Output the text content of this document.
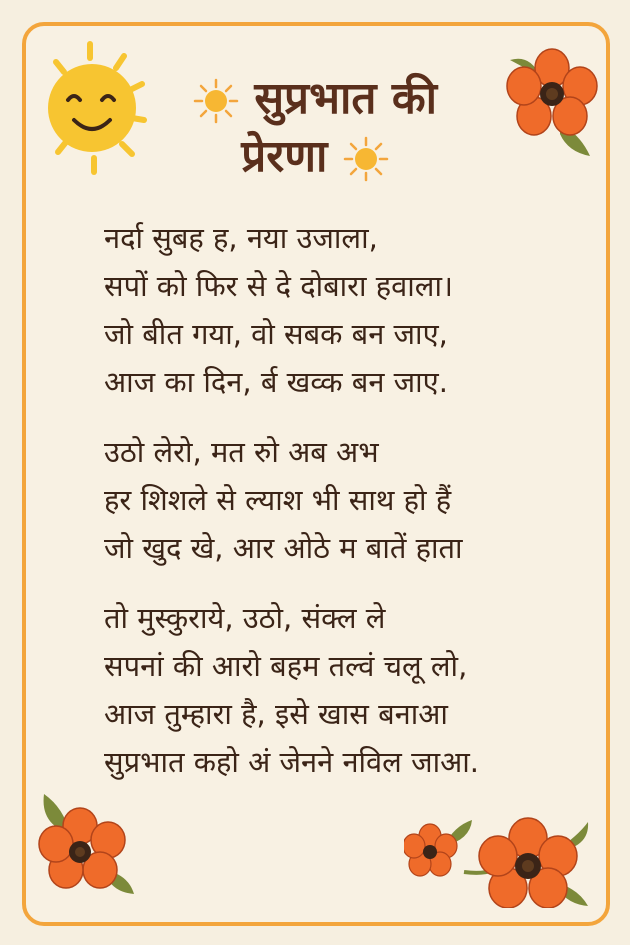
सुप्रभात की
प्रेरणा
नर्दा सुबह ह, नया उजाला,
सपों को फिर से दे दोबारा हवाला।
जो बीत गया, वो सबक बन जाए,
आज का दिन, र्ब खव्क बन जाए.
उठो लेरो, मत रुो अब अभ
हर शिशले से ल्याश भी साथ हो हैं
जो खुद खे, आर ओठे म बातें हाता
तो मुस्कुराये, उठो, संक्ल ले
सपनां की आरो बहम तल्वं चलू लो,
आज तुम्हारा है, इसे खास बनाआ
सुप्रभात कहो अं जेनने नविल जाआ.
